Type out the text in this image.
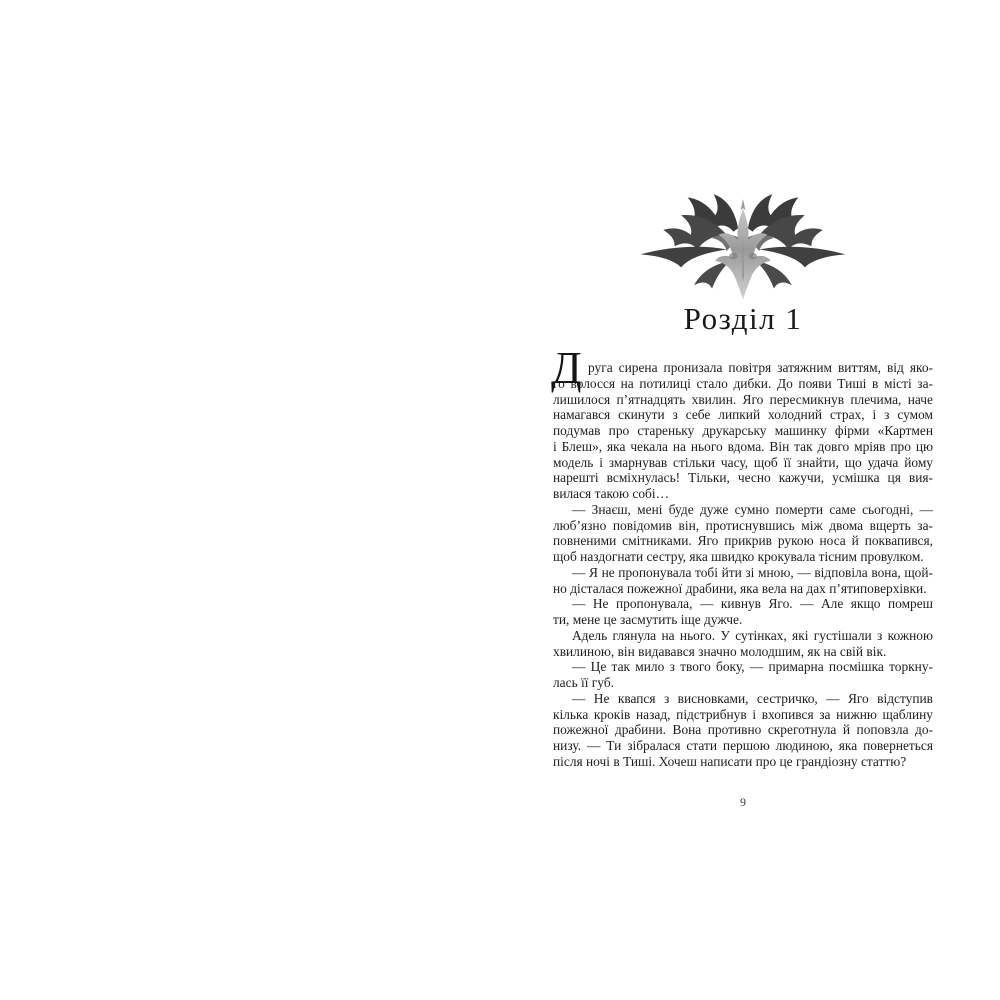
Розділ 1
Д руга сирена пронизала повітря затяжним виттям, від яко-
го волосся на потилиці стало дибки. До появи Тиші в місті за-
лишилося п’ятнадцять хвилин. Яго пересмикнув плечима, наче
намагався скинути з себе липкий холодний страх, і з сумом
подумав про стареньку друкарську машинку фірми «Картмен
і Блеш», яка чекала на нього вдома. Він так довго мріяв про цю
модель і змарнував стільки часу, щоб її знайти, що удача йому
нарешті всміхнулась! Тільки, чесно кажучи, усмішка ця вия-
вилася такою собі…
— Знаєш, мені буде дуже сумно померти саме сьогодні, —
люб’язно повідомив він, протиснувшись між двома вщерть за-
повненими смітниками. Яго прикрив рукою носа й поквапився,
щоб наздогнати сестру, яка швидко крокувала тісним провулком.
— Я не пропонувала тобі йти зі мною, — відповіла вона, щой-
но дісталася пожежної драбини, яка вела на дах п’ятиповерхівки.
— Не пропонувала, — кивнув Яго. — Але якщо помреш
ти, мене це засмутить іще дужче.
Адель глянула на нього. У сутінках, які густішали з кожною
хвилиною, він видавався значно молодшим, як на свій вік.
— Це так мило з твого боку, — примарна посмішка торкну-
лась її губ.
— Не квапся з висновками, сестричко, — Яго відступив
кілька кроків назад, підстрибнув і вхопився за нижню щаблину
пожежної драбини. Вона противно скреготнула й поповзла до-
низу. — Ти зібралася стати першою людиною, яка повернеться
після ночі в Тиші. Хочеш написати про це грандіозну статтю?
9
